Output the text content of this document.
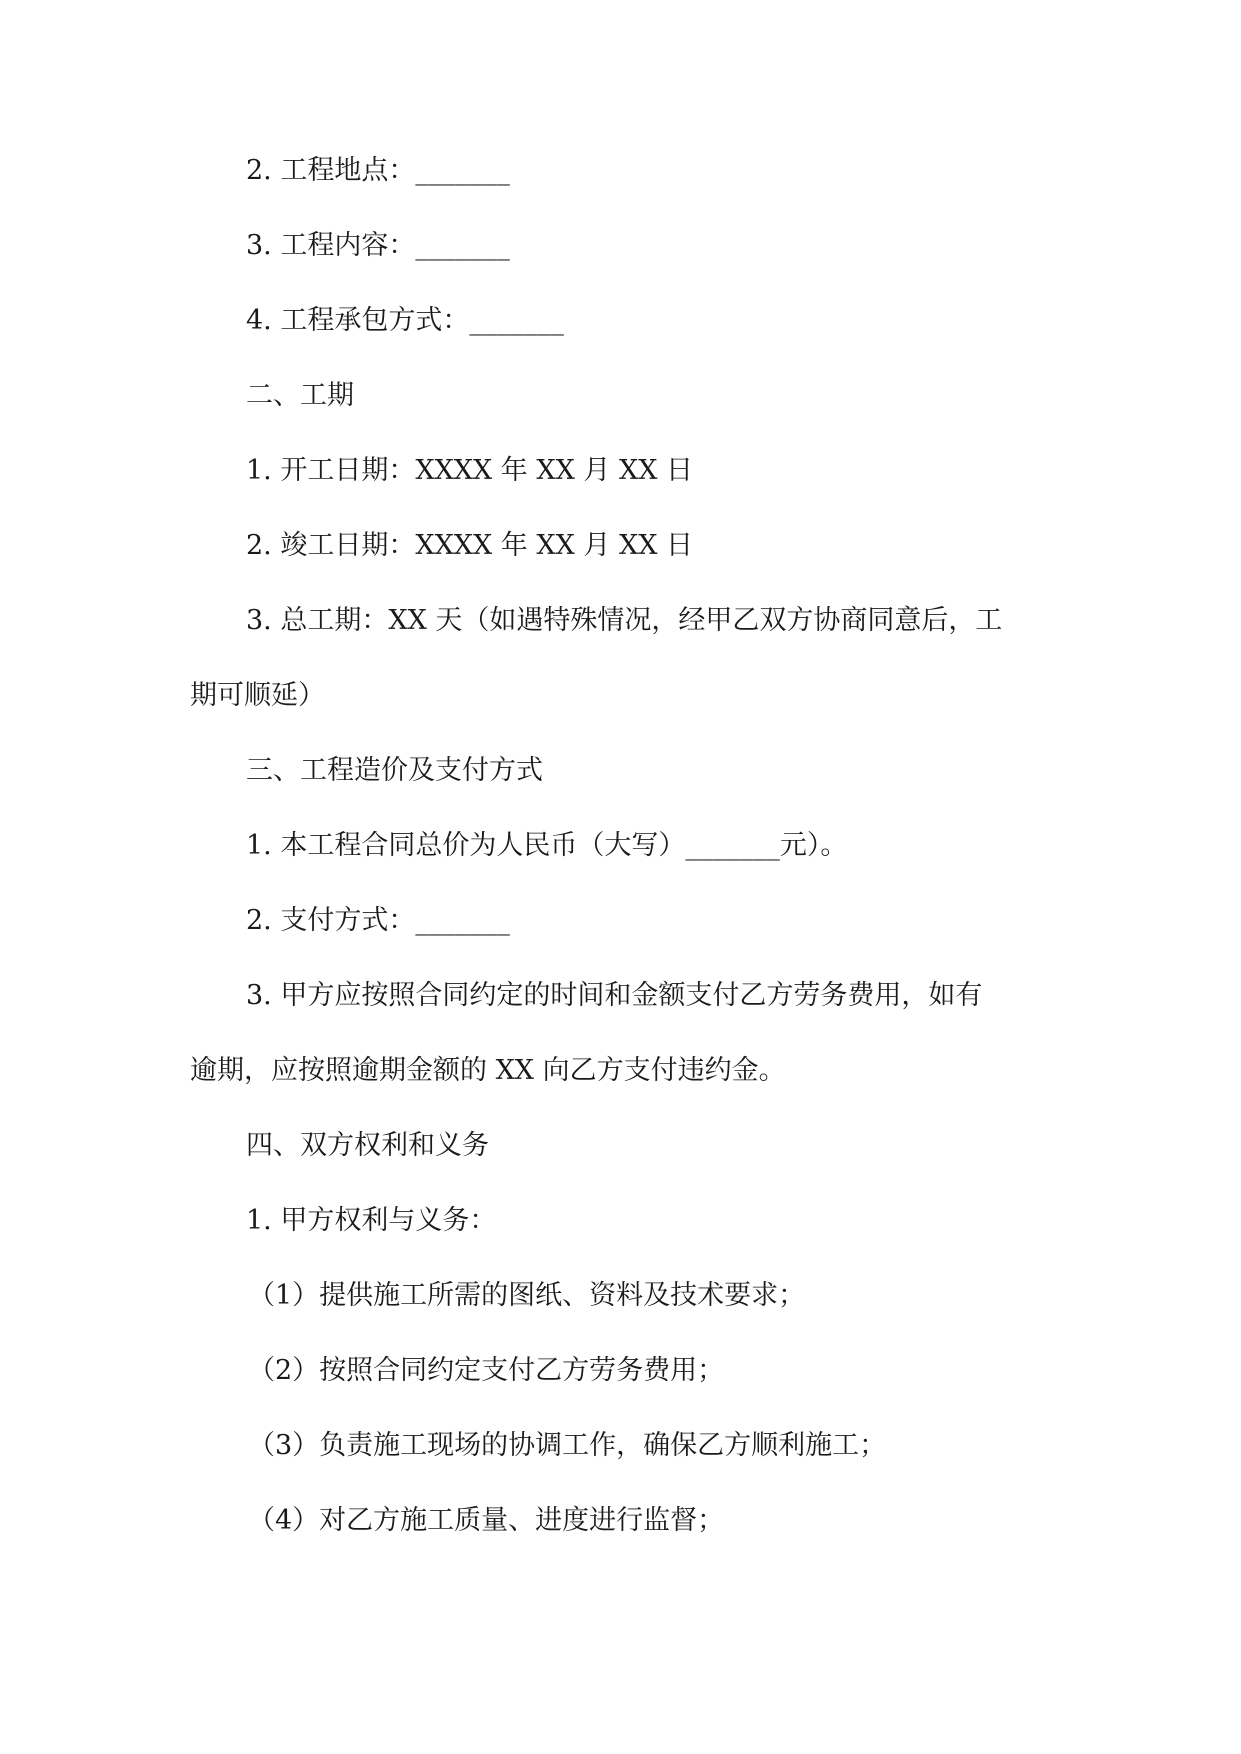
2. 工程地点：_______
3. 工程内容：_______
4. 工程承包方式：_______
二、工期
1. 开工日期：XXXX 年 XX 月 XX 日
2. 竣工日期：XXXX 年 XX 月 XX 日
3. 总工期：XX 天（如遇特殊情况，经甲乙双方协商同意后，工
期可顺延）
三、工程造价及支付方式
1. 本工程合同总价为人民币（大写）_______元）。
2. 支付方式：_______
3. 甲方应按照合同约定的时间和金额支付乙方劳务费用，如有
逾期，应按照逾期金额的 XX 向乙方支付违约金。
四、双方权利和义务
1. 甲方权利与义务：
（1）提供施工所需的图纸、资料及技术要求；
（2）按照合同约定支付乙方劳务费用；
（3）负责施工现场的协调工作，确保乙方顺利施工；
（4）对乙方施工质量、进度进行监督；
